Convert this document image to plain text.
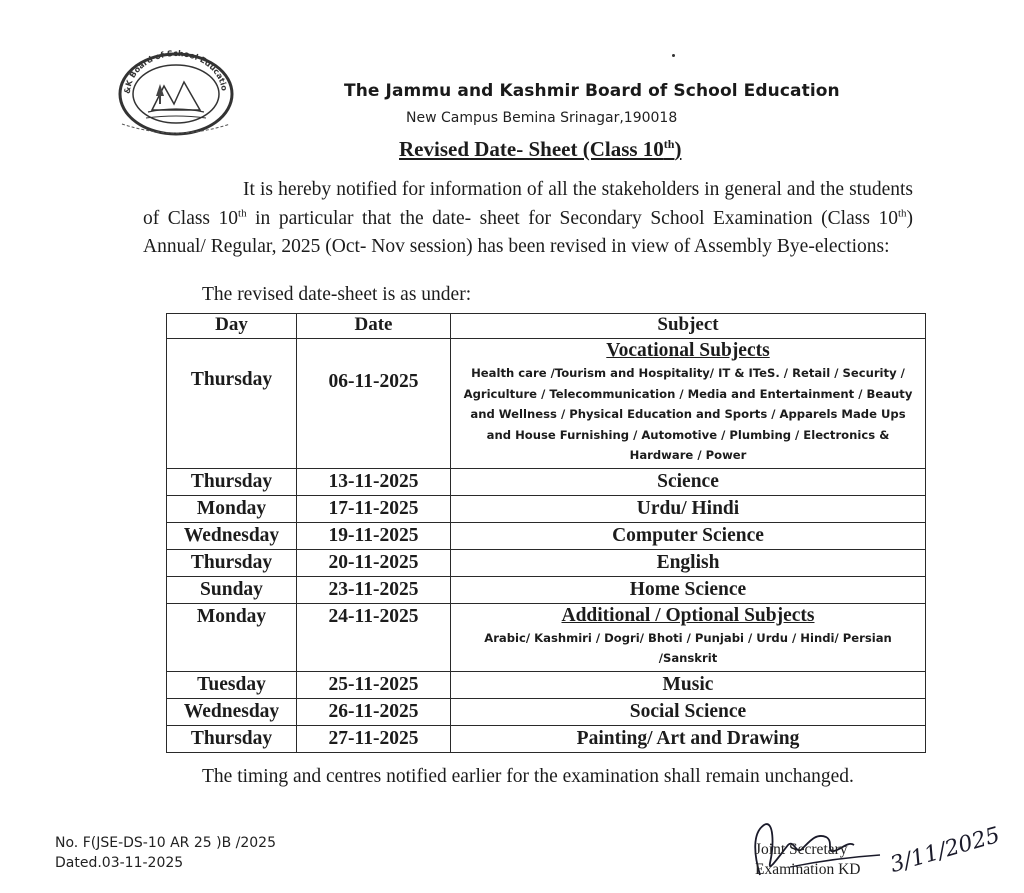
&K Board of School Educatio	The Jammu and Kashmir Board of School Education
New Campus Bemina Srinagar,190018
Revised Date- Sheet (Class 10th)
It is hereby notified for information of all the stakeholders in general and the students of Class 10th in particular that the date- sheet for Secondary School Examination (Class 10th) Annual/ Regular, 2025 (Oct- Nov session) has been revised in view of Assembly Bye-elections:
The revised date-sheet is as under:
Day	Date	Subject
Thursday	06-11-2025	Vocational Subjects
Health care /Tourism and Hospitality/ IT & ITeS. / Retail / Security / Agriculture / Telecommunication / Media and Entertainment / Beauty and Wellness / Physical Education and Sports / Apparels Made Ups and House Furnishing / Automotive / Plumbing / Electronics & Hardware / Power

Thursday	13-11-2025	Science
Monday	17-11-2025	Urdu/ Hindi
Wednesday	19-11-2025	Computer Science
Thursday	20-11-2025	English
Sunday	23-11-2025	Home Science
Monday	24-11-2025	Additional / Optional Subjects
Arabic/ Kashmiri / Dogri/ Bhoti / Punjabi / Urdu / Hindi/ Persian /Sanskrit

Tuesday	25-11-2025	Music
Wednesday	26-11-2025	Social Science
Thursday	27-11-2025	Painting/ Art and Drawing
The timing and centres notified earlier for the examination shall remain unchanged.
No. F(JSE-DS-10 AR 25 )B /2025
Dated.03-11-2025	3/11/2025
Joint Secretary
Examination KD
